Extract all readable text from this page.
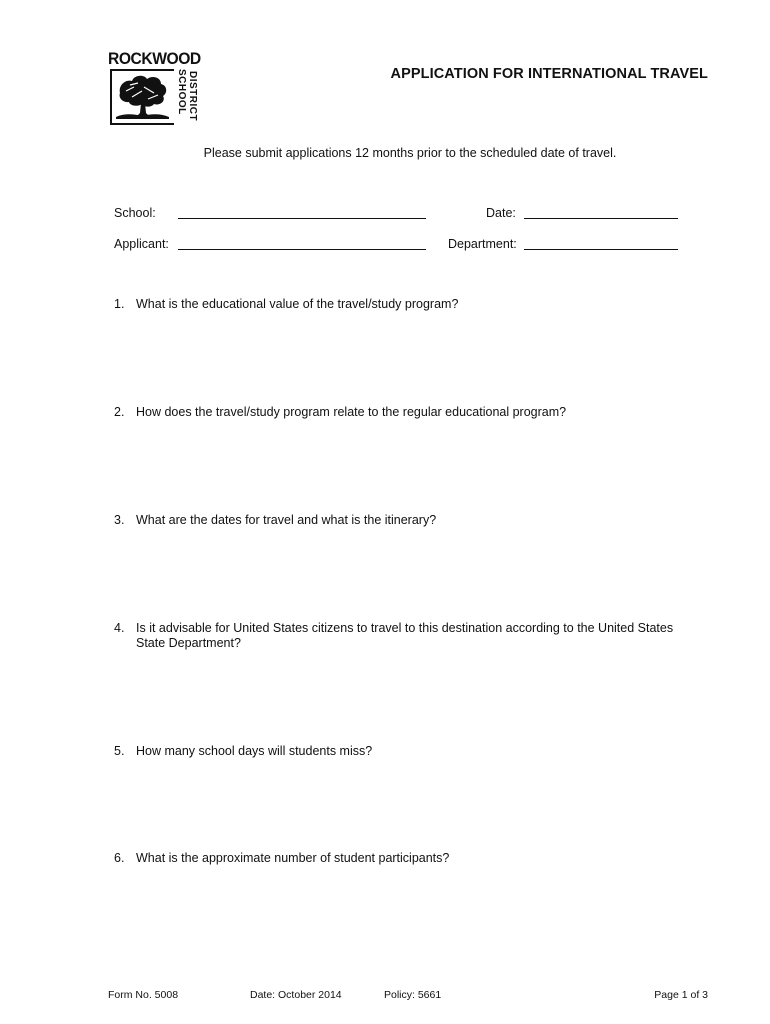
ROCKWOOD
SCHOOL DISTRICT	APPLICATION FOR INTERNATIONAL TRAVEL
Please submit applications 12 months prior to the scheduled date of travel.
School:	Date:
Applicant:	Department:
1. What is the educational value of the travel/study program?
2. How does the travel/study program relate to the regular educational program?
3. What are the dates for travel and what is the itinerary?
4. Is it advisable for United States citizens to travel to this destination according to the United States State Department?
5. How many school days will students miss?
6. What is the approximate number of student participants?
Form No. 5008	Date: October 2014	Policy: 5661	Page 1 of 3
